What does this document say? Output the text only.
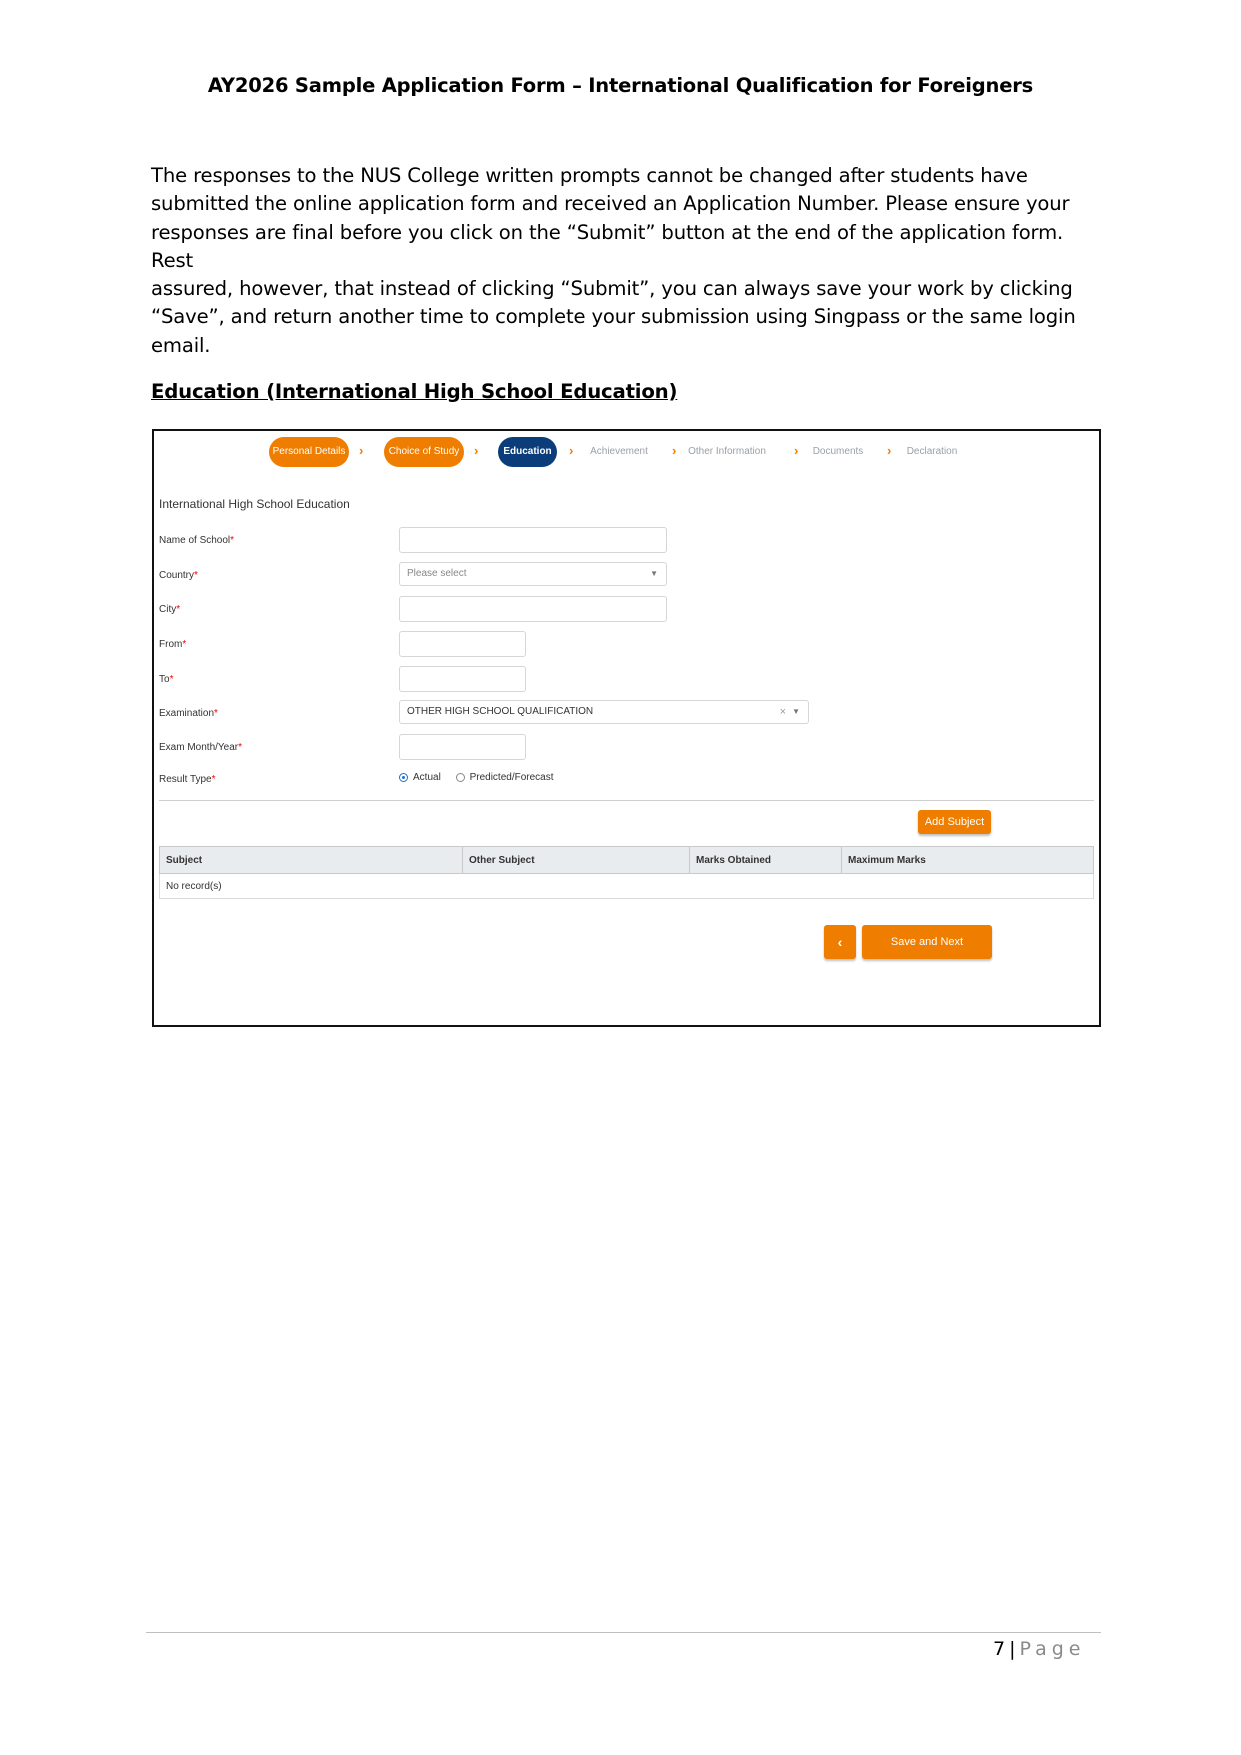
AY2026 Sample Application Form – International Qualification for Foreigners

The responses to the NUS College written prompts cannot be changed after students have
submitted the online application form and received an Application Number. Please ensure your
responses are final before you click on the “Submit” button at the end of the application form. Rest
assured, however, that instead of clicking “Submit”, you can always save your work by clicking
“Save”, and return another time to complete your submission using Singpass or the same login
email.

Education (International High School Education)
Personal Details ›	Choice of Study	›	Education	›	Achievement	› Other Information › Documents ›	Declaration
International High School Education
Name of School*
Country*	Please select	▼
City*
From*
To*
Examination*	OTHER HIGH SCHOOL QUALIFICATION	× ▼
Exam Month/Year*
Result Type*	Actual	Predicted/Forecast
Add Subject
Subject	Other Subject	Marks Obtained	Maximum Marks
No record(s)
‹	Save and Next
7 | Page
